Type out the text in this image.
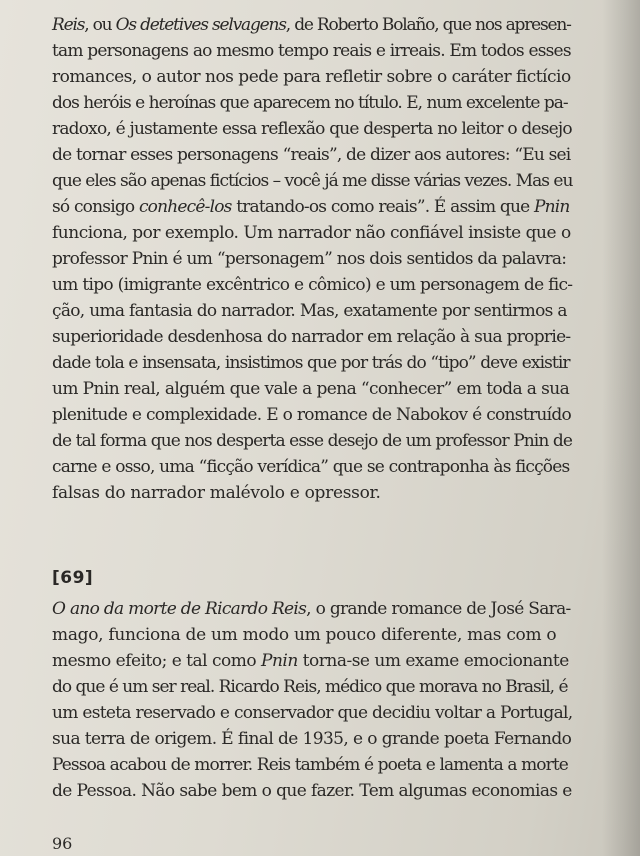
Reis, ou Os detetives selvagens, de Roberto Bolaño, que nos apresen-
tam personagens ao mesmo tempo reais e irreais. Em todos esses
romances, o autor nos pede para refletir sobre o caráter fictício
dos heróis e heroínas que aparecem no título. E, num excelente pa-
radoxo, é justamente essa reflexão que desperta no leitor o desejo
de tornar esses personagens “reais”, de dizer aos autores: “Eu sei
que eles são apenas fictícios – você já me disse várias vezes. Mas eu
só consigo conhecê-los tratando-os como reais”. É assim que Pnin
funciona, por exemplo. Um narrador não confiável insiste que o
professor Pnin é um “personagem” nos dois sentidos da palavra:
um tipo (imigrante excêntrico e cômico) e um personagem de fic-
ção, uma fantasia do narrador. Mas, exatamente por sentirmos a
superioridade desdenhosa do narrador em relação à sua proprie-
dade tola e insensata, insistimos que por trás do “tipo” deve existir
um Pnin real, alguém que vale a pena “conhecer” em toda a sua
plenitude e complexidade. E o romance de Nabokov é construído
de tal forma que nos desperta esse desejo de um professor Pnin de
carne e osso, uma “ficção verídica” que se contraponha às ficções
falsas do narrador malévolo e opressor.
[69]
O ano da morte de Ricardo Reis, o grande romance de José Sara-
mago, funciona de um modo um pouco diferente, mas com o
mesmo efeito; e tal como Pnin torna-se um exame emocionante
do que é um ser real. Ricardo Reis, médico que morava no Brasil, é
um esteta reservado e conservador que decidiu voltar a Portugal,
sua terra de origem. É final de 1935, e o grande poeta Fernando
Pessoa acabou de morrer. Reis também é poeta e lamenta a morte
de Pessoa. Não sabe bem o que fazer. Tem algumas economias e
96
